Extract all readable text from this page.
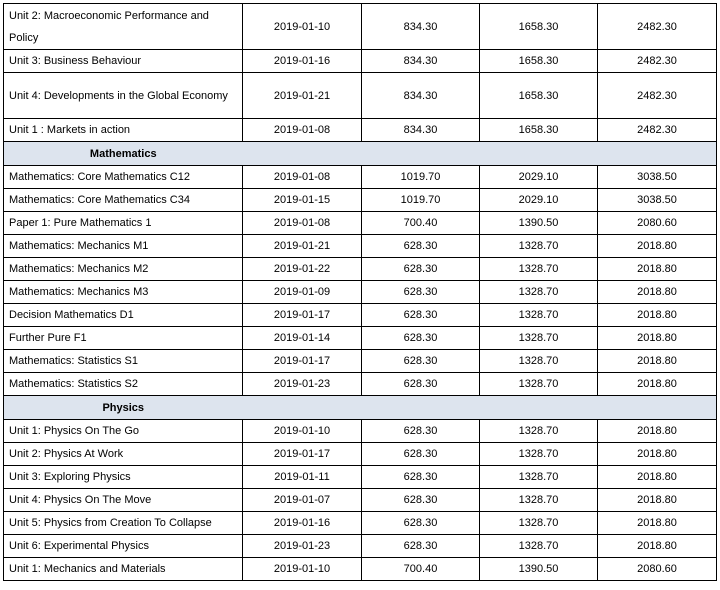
Unit 2: Macroeconomic Performance and Policy	2019-01-10	834.30	1658.30	2482.30
Unit 3: Business Behaviour	2019-01-16	834.30	1658.30	2482.30
Unit 4: Developments in the Global Economy	2019-01-21	834.30	1658.30	2482.30
Unit 1 : Markets in action	2019-01-08	834.30	1658.30	2482.30
Mathematics				
Mathematics: Core Mathematics C12	2019-01-08	1019.70	2029.10	3038.50
Mathematics: Core Mathematics C34	2019-01-15	1019.70	2029.10	3038.50
Paper 1: Pure Mathematics 1	2019-01-08	700.40	1390.50	2080.60
Mathematics: Mechanics M1	2019-01-21	628.30	1328.70	2018.80
Mathematics: Mechanics M2	2019-01-22	628.30	1328.70	2018.80
Mathematics: Mechanics M3	2019-01-09	628.30	1328.70	2018.80
Decision Mathematics D1	2019-01-17	628.30	1328.70	2018.80
Further Pure F1	2019-01-14	628.30	1328.70	2018.80
Mathematics: Statistics S1	2019-01-17	628.30	1328.70	2018.80
Mathematics: Statistics S2	2019-01-23	628.30	1328.70	2018.80
Physics				
Unit 1: Physics On The Go	2019-01-10	628.30	1328.70	2018.80
Unit 2: Physics At Work	2019-01-17	628.30	1328.70	2018.80
Unit 3: Exploring Physics	2019-01-11	628.30	1328.70	2018.80
Unit 4: Physics On The Move	2019-01-07	628.30	1328.70	2018.80
Unit 5: Physics from Creation To Collapse	2019-01-16	628.30	1328.70	2018.80
Unit 6: Experimental Physics	2019-01-23	628.30	1328.70	2018.80
Unit 1: Mechanics and Materials	2019-01-10	700.40	1390.50	2080.60
